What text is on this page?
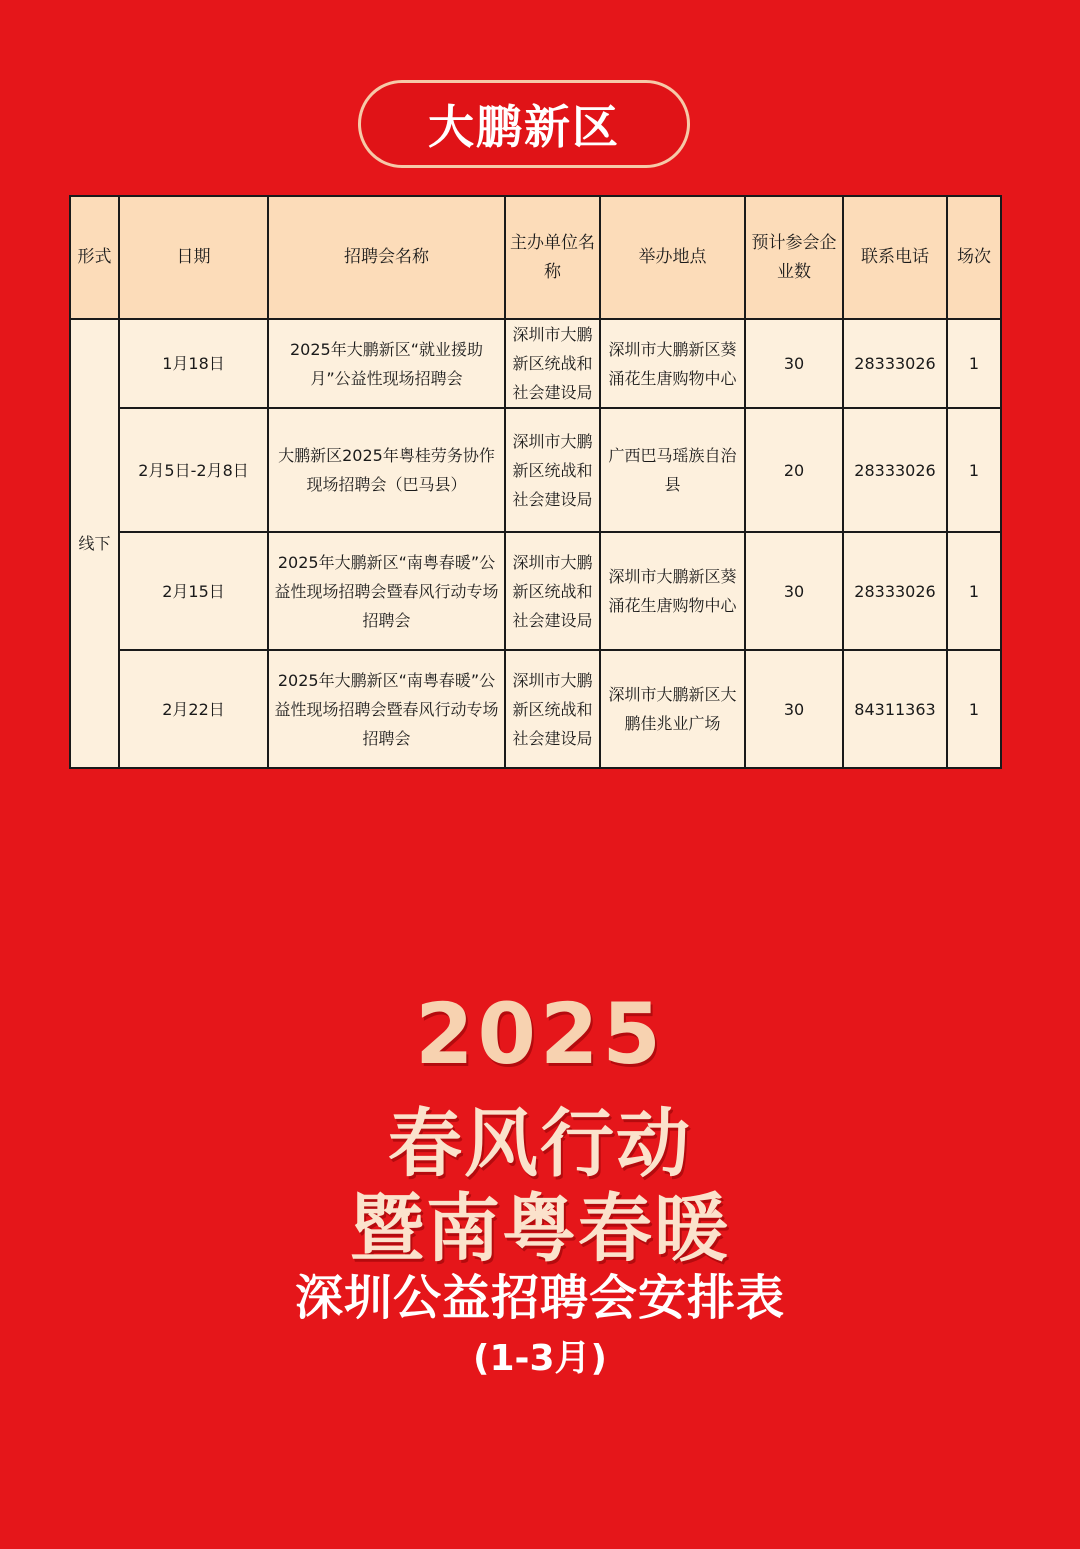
大鹏新区
形式	日期	招聘会名称	主办单位名称	举办地点	预计参会企业数	联系电话	场次
线下	1月18日	2025年大鹏新区“就业援助月”公益性现场招聘会	深圳市大鹏新区统战和社会建设局	深圳市大鹏新区葵涌花生唐购物中心	30	28333026	1
	2月5日-2月8日	大鹏新区2025年粤桂劳务协作现场招聘会（巴马县）	深圳市大鹏新区统战和社会建设局	广西巴马瑶族自治县	20	28333026	1
	2月15日	2025年大鹏新区“南粤春暖”公益性现场招聘会暨春风行动专场招聘会	深圳市大鹏新区统战和社会建设局	深圳市大鹏新区葵涌花生唐购物中心	30	28333026	1
	2月22日	2025年大鹏新区“南粤春暖”公益性现场招聘会暨春风行动专场招聘会	深圳市大鹏新区统战和社会建设局	深圳市大鹏新区大鹏佳兆业广场	30	84311363	1
2025
春风行动
暨南粤春暖
深圳公益招聘会安排表
(1-3月)
